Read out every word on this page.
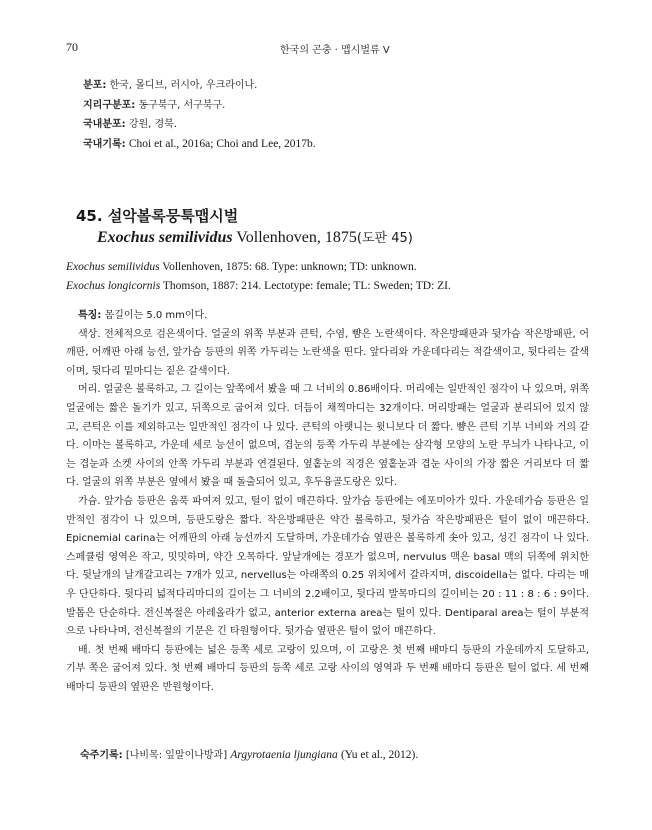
70	한국의 곤충 · 맵시벌류 V
분포: 한국, 몰디브, 러시아, 우크라이나.
지리구분포: 동구북구, 서구북구.
국내분포: 강원, 경북.
국내기록: Choi et al., 2016a; Choi and Lee, 2017b.
45. 설악볼록뭉툭맵시벌
Exochus semilividus Vollenhoven, 1875(도판 45)
Exochus semilividus Vollenhoven, 1875: 68. Type: unknown; TD: unknown.
Exochus longicornis Thomson, 1887: 214. Lectotype: female; TL: Sweden; TD: ZI.

특징: 몸길이는 5.0 mm이다.

색상. 전체적으로 검은색이다. 얼굴의 위쪽 부분과 큰턱, 수염, 뺨은 노란색이다. 작은방패판과 뒷가슴 작은방패판, 어깨판, 어깨판 아래 능선, 앞가슴 등판의 위쪽 가두리는 노란색을 띤다. 앞다리와 가운데다리는 적갈색이고, 뒷다리는 갈색이며, 뒷다리 밑마디는 짙은 갈색이다.

머리. 얼굴은 볼록하고, 그 길이는 앞쪽에서 봤을 때 그 너비의 0.86배이다. 머리에는 일반적인 점각이 나 있으며, 위쪽 얼굴에는 짧은 돌기가 있고, 뒤쪽으로 굽어져 있다. 더듬이 채찍마디는 32개이다. 머리방패는 얼굴과 분리되어 있지 않고, 큰턱은 이를 제외하고는 일반적인 점각이 나 있다. 큰턱의 아랫니는 윗니보다 더 짧다. 뺨은 큰턱 기부 너비와 거의 같다. 이마는 볼록하고, 가운데 세로 능선이 없으며, 겹눈의 등쪽 가두리 부분에는 삼각형 모양의 노란 무늬가 나타나고, 이는 겹눈과 소켓 사이의 안쪽 가두리 부분과 연결된다. 옆홑눈의 직경은 옆홑눈과 겹눈 사이의 가장 짧은 거리보다 더 짧다. 얼굴의 위쪽 부분은 옆에서 봤을 때 돌출되어 있고, 후두융골도랑은 있다.

가슴. 앞가슴 등판은 움푹 파여져 있고, 털이 없이 매끈하다. 앞가슴 등판에는 에포미아가 있다. 가운데가슴 등판은 일반적인 점각이 나 있으며, 등판도랑은 짧다. 작은방패판은 약간 볼록하고, 뒷가슴 작은방패판은 털이 없이 매끈하다. Epicnemial carina는 어깨판의 아래 능선까지 도달하며, 가운데가슴 옆판은 볼록하게 솟아 있고, 성긴 점각이 나 있다. 스페큘럼 영역은 작고, 밋밋하며, 약간 오목하다. 앞날개에는 경포가 없으며, nervulus 맥은 basal 맥의 뒤쪽에 위치한다. 뒷날개의 날개갈고리는 7개가 있고, nervellus는 아래쪽의 0.25 위치에서 갈라지며, discoidella는 없다. 다리는 매우 단단하다. 뒷다리 넓적다리마디의 길이는 그 너비의 2.2배이고, 뒷다리 발목마디의 길이비는 20 : 11 : 8 : 6 : 9이다. 발톱은 단순하다. 전신복절은 아레올라가 없고, anterior externa area는 털이 있다. Dentiparal area는 털이 부분적으로 나타나며, 전신복절의 기문은 긴 타원형이다. 뒷가슴 옆판은 털이 없이 매끈하다.

배. 첫 번째 배마디 등판에는 넓은 등쪽 세로 고랑이 있으며, 이 고랑은 첫 번째 배마디 등판의 가운데까지 도달하고, 기부 쪽은 굽어져 있다. 첫 번째 배마디 등판의 등쪽 세로 고랑 사이의 영역과 두 번째 배마디 등판은 털이 없다. 세 번째 배마디 등판의 옆판은 반원형이다.

숙주기록: [나비목: 잎말이나방과] Argyrotaenia ljungiana (Yu et al., 2012).
